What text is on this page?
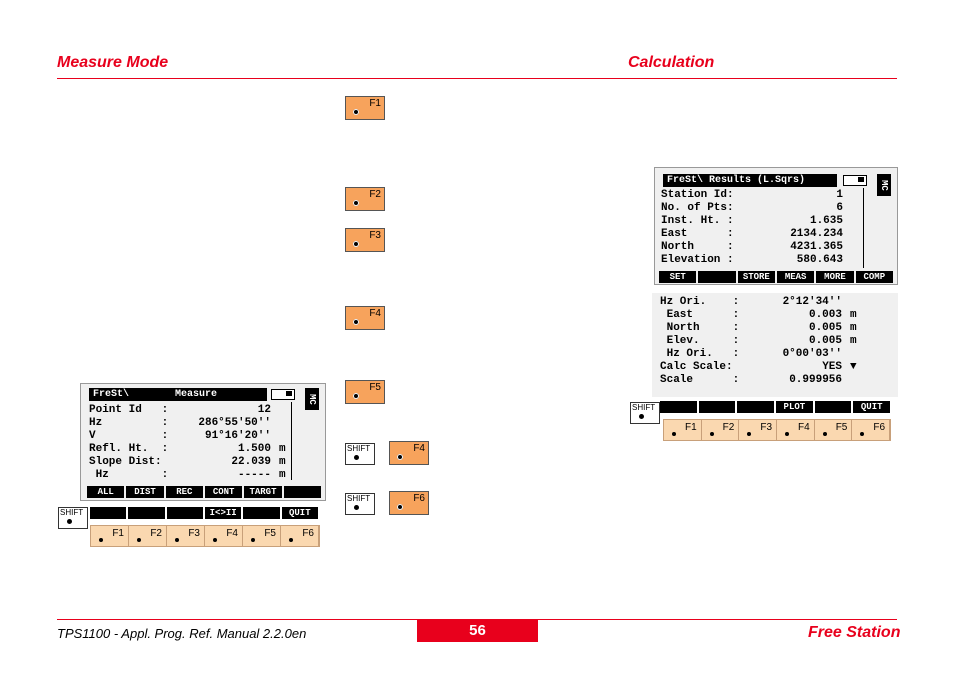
Measure Mode	Calculation
F1
F2
F3
F4
F5
SHIFT	F4
SHIFT	F6
FreSt\	Measure	MC
Point Id   :	12
Hz         :	286°55'50''
V          :	91°16'20''
Refl. Ht.  :	1.500 m
Slope Dist:	22.039 m
Hz        :	----- m
ALL	DIST	REC	CONT	TARGT
SHIFT	I<>II	QUIT
F1	F2	F3	F4	F5	F6
FreSt\ Results (L.Sqrs)	MC
Station Id:	1
No. of Pts:	6
Inst. Ht. :	1.635
East      :	2134.234
North     :	4231.365
Elevation :	580.643
SET	STORE	MEAS	MORE	COMP
Hz Ori.    :	2°12'34''
East      :	0.003 m
North     :	0.005 m
Elev.     :	0.005 m
Hz Ori.   :	0°00'03''
Calc Scale:	YES ▼
Scale      :	0.999956
SHIFT	PLOT	QUIT
F1	F2	F3	F4	F5	F6
TPS1100 - Appl. Prog. Ref. Manual 2.2.0en	56	Free Station
